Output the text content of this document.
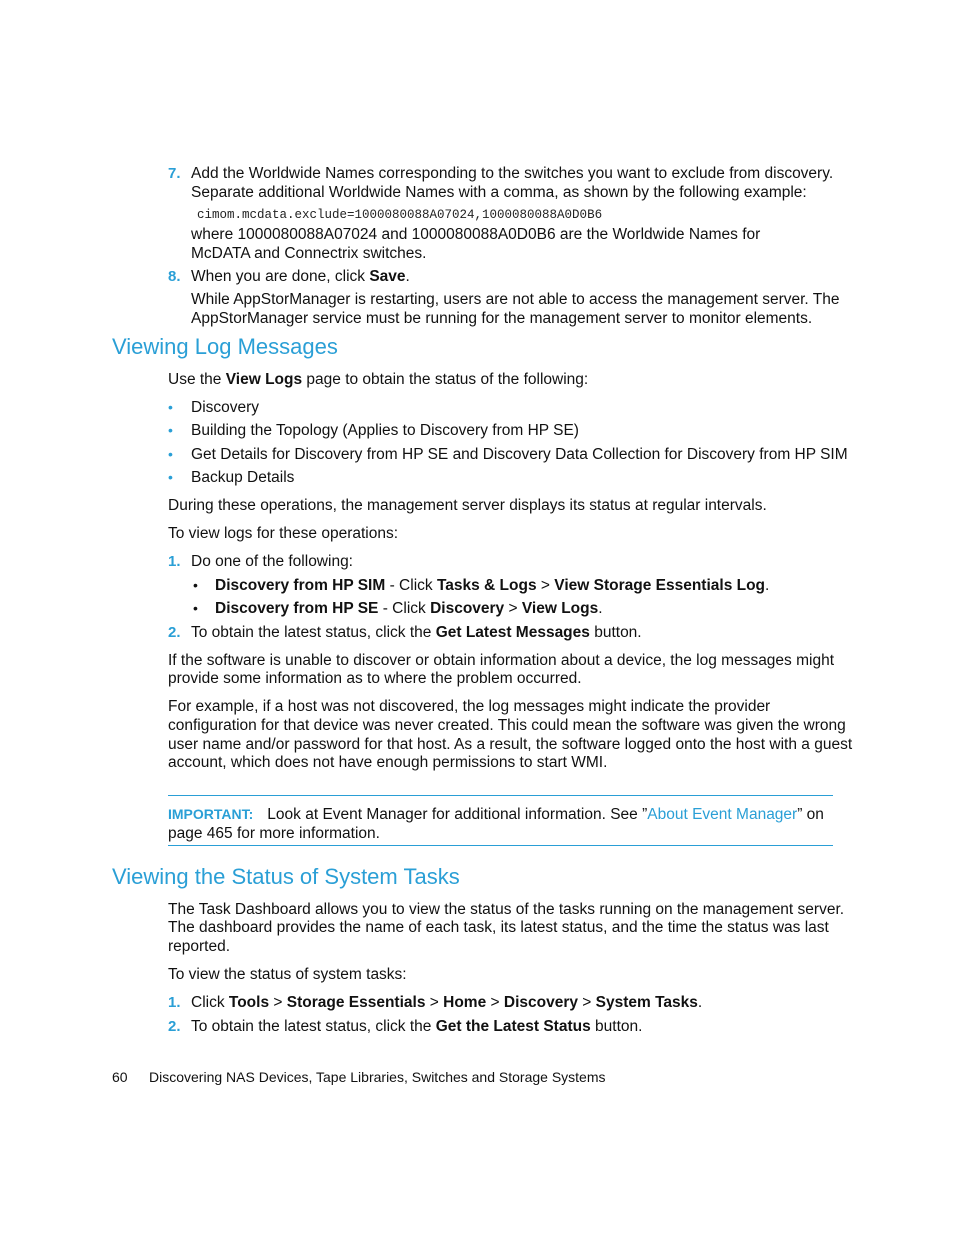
7. Add the Worldwide Names corresponding to the switches you want to exclude from discovery.
Separate additional Worldwide Names with a comma, as shown by the following example:
cimom.mcdata.exclude=1000080088A07024,1000080088A0D0B6
where 1000080088A07024 and 1000080088A0D0B6 are the Worldwide Names for
McDATA and Connectrix switches.
8. When you are done, click Save.
While AppStorManager is restarting, users are not able to access the management server. The
AppStorManager service must be running for the management server to monitor elements.
Viewing Log Messages
Use the View Logs page to obtain the status of the following:
• Discovery
• Building the Topology (Applies to Discovery from HP SE)
• Get Details for Discovery from HP SE and Discovery Data Collection for Discovery from HP SIM
• Backup Details
During these operations, the management server displays its status at regular intervals.
To view logs for these operations:
1. Do one of the following:
• Discovery from HP SIM - Click Tasks & Logs > View Storage Essentials Log.
• Discovery from HP SE - Click Discovery > View Logs.
2. To obtain the latest status, click the Get Latest Messages button.
If the software is unable to discover or obtain information about a device, the log messages might
provide some information as to where the problem occurred.
For example, if a host was not discovered, the log messages might indicate the provider
configuration for that device was never created. This could mean the software was given the wrong
user name and/or password for that host. As a result, the software logged onto the host with a guest
account, which does not have enough permissions to start WMI.
IMPORTANT: Look at Event Manager for additional information. See ”About Event Manager” on
page 465 for more information.
Viewing the Status of System Tasks
The Task Dashboard allows you to view the status of the tasks running on the management server.
The dashboard provides the name of each task, its latest status, and the time the status was last
reported.
To view the status of system tasks:
1. Click Tools > Storage Essentials > Home > Discovery > System Tasks.
2. To obtain the latest status, click the Get the Latest Status button.
60 Discovering NAS Devices, Tape Libraries, Switches and Storage Systems
